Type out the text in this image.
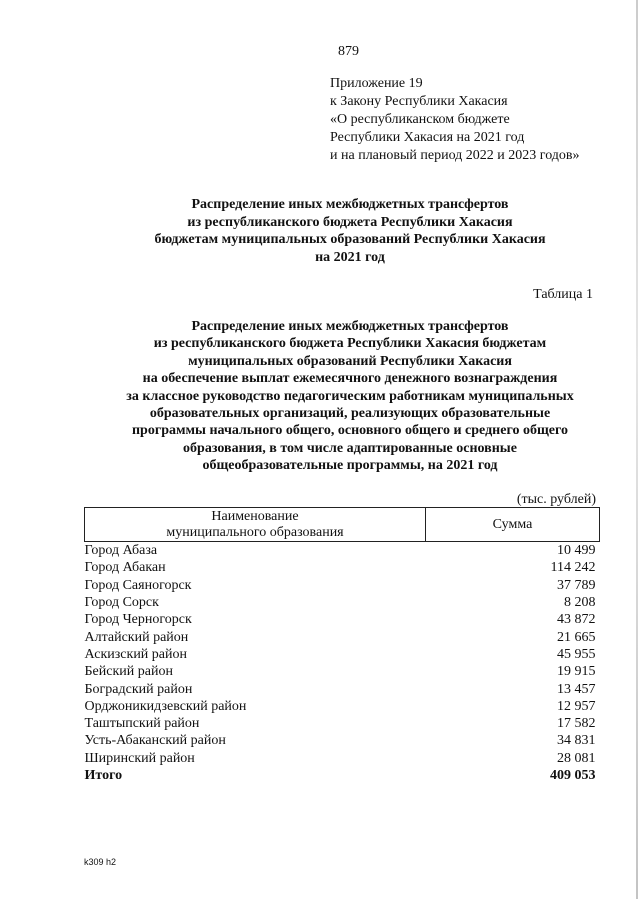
879
Приложение 19
к Закону Республики Хакасия
«О республиканском бюджете
Республики Хакасия на 2021 год
и на плановый период 2022 и 2023 годов»
Распределение иных межбюджетных трансфертов
из республиканского бюджета Республики Хакасия
бюджетам муниципальных образований Республики Хакасия
на 2021 год
Таблица 1
Распределение иных межбюджетных трансфертов
из республиканского бюджета Республики Хакасия бюджетам
муниципальных образований Республики Хакасия
на обеспечение выплат ежемесячного денежного вознаграждения
за классное руководство педагогическим работникам муниципальных
образовательных организаций, реализующих образовательные
программы начального общего, основного общего и среднего общего
образования, в том числе адаптированные основные
общеобразовательные программы, на 2021 год
(тыс. рублей)
Наименование
муниципального образования	Сумма
Город Абаза	10 499
Город Абакан	114 242
Город Саяногорск	37 789
Город Сорск	8 208
Город Черногорск	43 872
Алтайский район	21 665
Аскизский район	45 955
Бейский район	19 915
Боградский район	13 457
Орджоникидзевский район	12 957
Таштыпский район	17 582
Усть-Абаканский район	34 831
Ширинский район	28 081
Итого	409 053
k309 h2
